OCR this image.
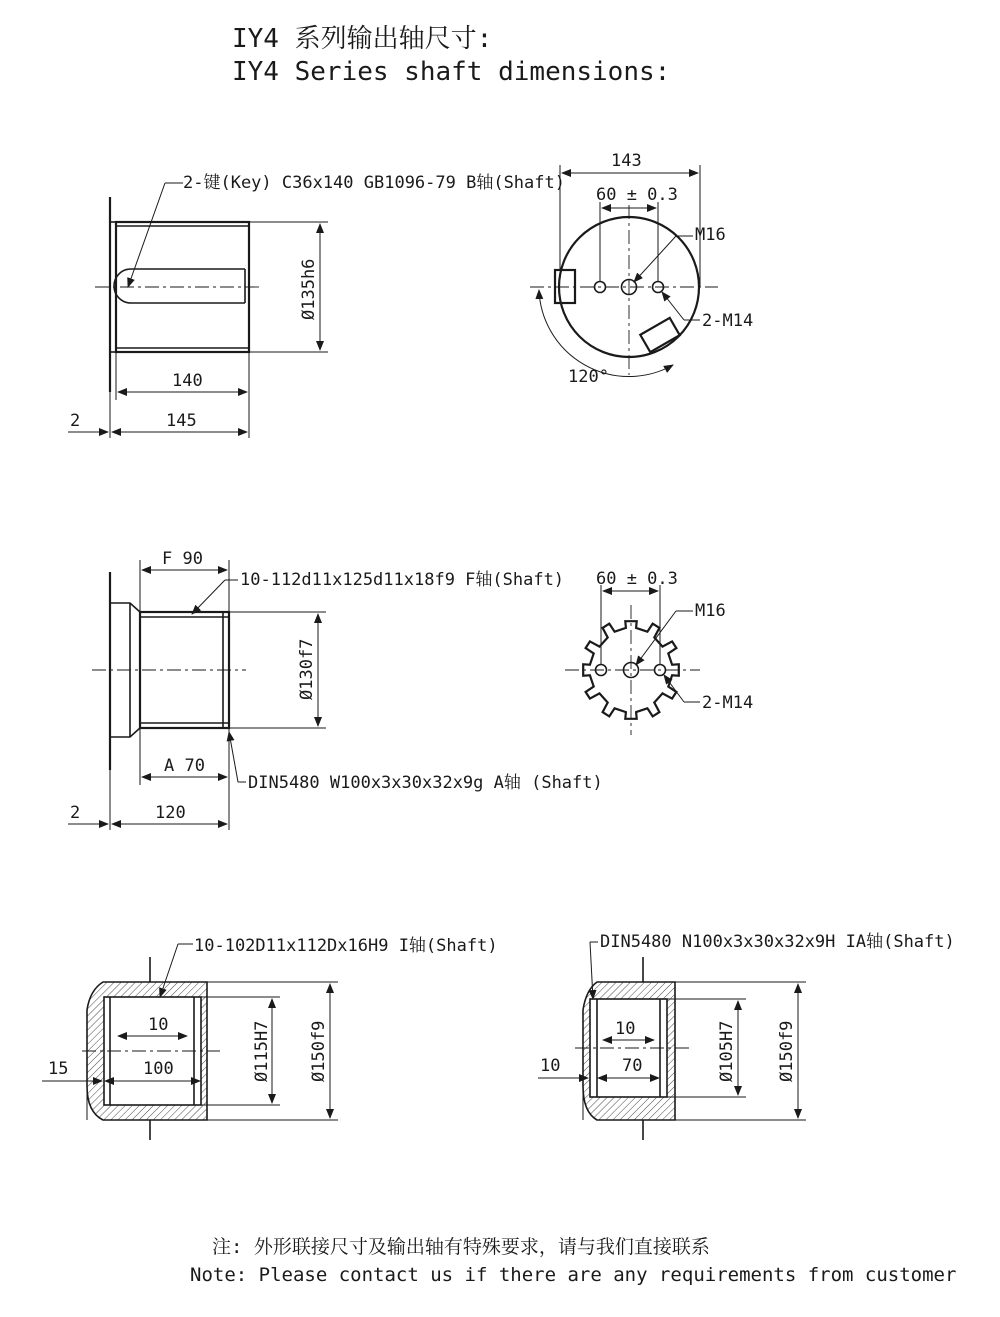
IY4 系列输出轴尺寸:
IY4 Series shaft dimensions:
2-键(Key) C36x140 GB1096-79 B轴(Shaft)
Ø135h6
140
145
2
143
60 ± 0.3
M16
2-M14
120°
F 90
10-112d11x125d11x18f9 F轴(Shaft)
Ø130f7
A 70
DIN5480 W100x3x30x32x9g A轴 (Shaft)
120
2
60 ± 0.3
M16
2-M14
10-102D11x112Dx16H9 I轴(Shaft)
10
100
15	Ø115H7 Ø150f9
DIN5480 N100x3x30x32x9H IA轴(Shaft)
10
70
10	Ø105H7 Ø150f9
注: 外形联接尺寸及输出轴有特殊要求，请与我们直接联系
Note: Please contact us if there are any requirements from customer
